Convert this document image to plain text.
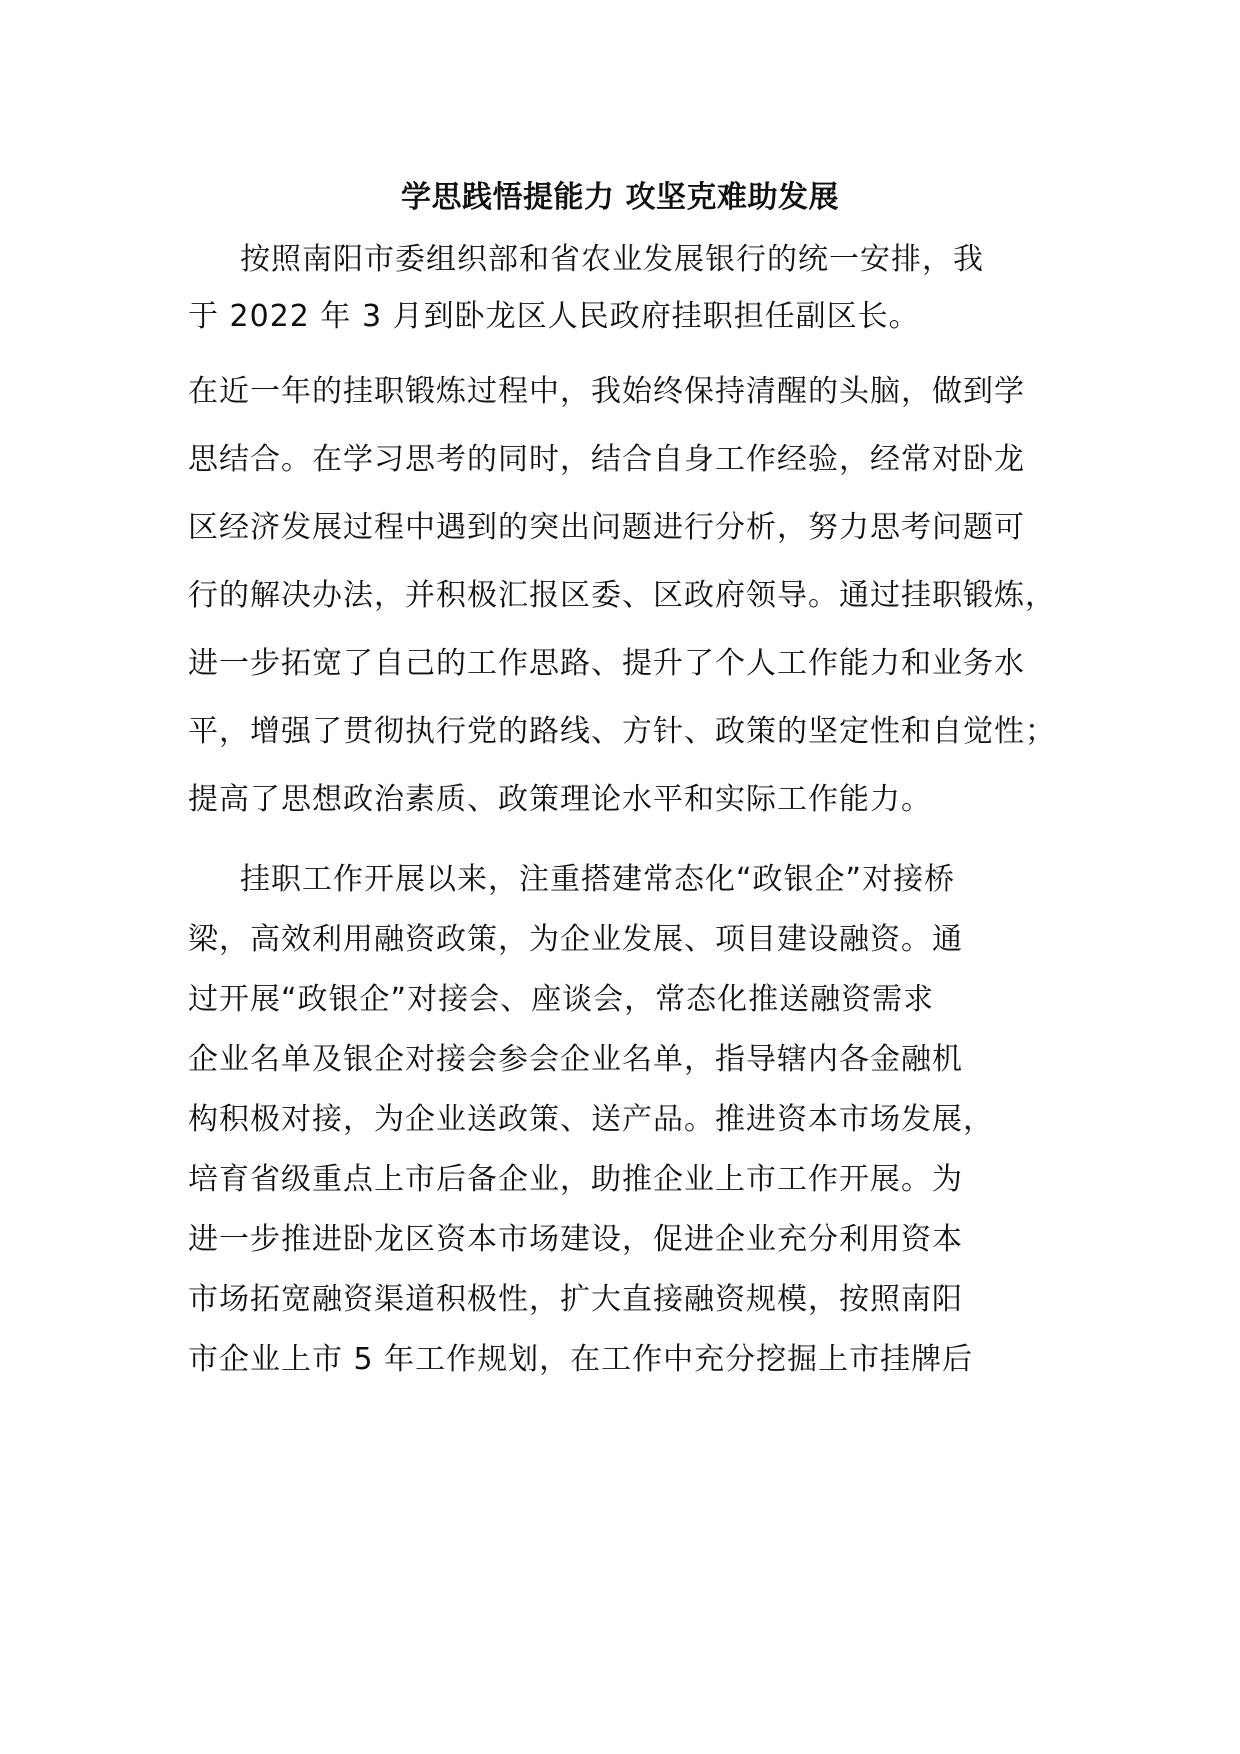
学思践悟提能力 攻坚克难助发展
按照南阳市委组织部和省农业发展银行的统一安排，我
于 2022 年 3 月到卧龙区人民政府挂职担任副区长。
在近一年的挂职锻炼过程中，我始终保持清醒的头脑，做到学
思结合。在学习思考的同时，结合自身工作经验，经常对卧龙
区经济发展过程中遇到的突出问题进行分析，努力思考问题可
行的解决办法，并积极汇报区委、区政府领导。通过挂职锻炼，
进一步拓宽了自己的工作思路、提升了个人工作能力和业务水
平，增强了贯彻执行党的路线、方针、政策的坚定性和自觉性；
提高了思想政治素质、政策理论水平和实际工作能力。
挂职工作开展以来，注重搭建常态化“政银企”对接桥
梁，高效利用融资政策，为企业发展、项目建设融资。通
过开展“政银企”对接会、座谈会，常态化推送融资需求
企业名单及银企对接会参会企业名单，指导辖内各金融机
构积极对接，为企业送政策、送产品。推进资本市场发展，
培育省级重点上市后备企业，助推企业上市工作开展。为
进一步推进卧龙区资本市场建设，促进企业充分利用资本
市场拓宽融资渠道积极性，扩大直接融资规模，按照南阳
市企业上市 5 年工作规划，在工作中充分挖掘上市挂牌后
